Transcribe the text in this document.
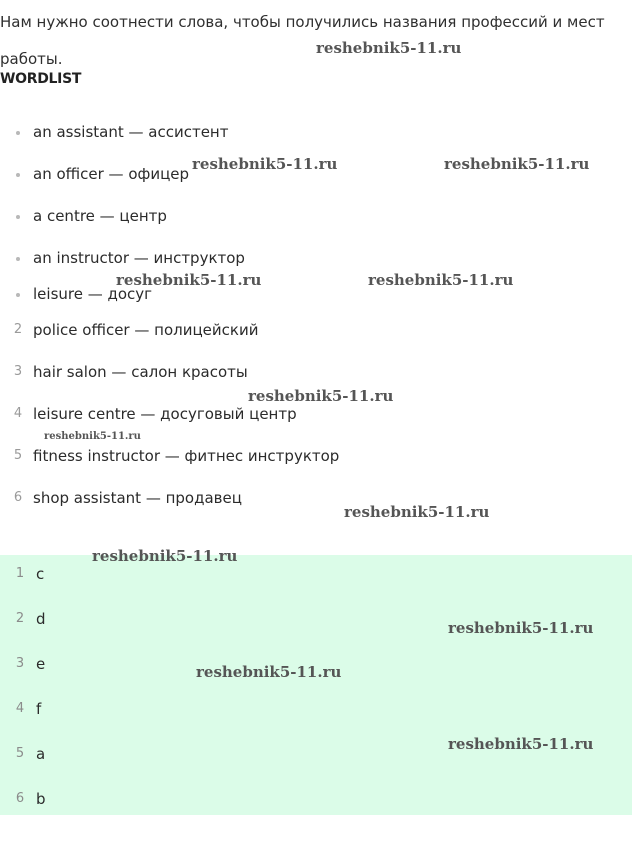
Нам нужно соотнести слова, чтобы получились названия профессий и мест работы.
WORDLIST
an assistant — ассистент
an officer — офицер
a centre — центр
an instructor — инструктор
leisure — досуг
2 police officer — полицейский
3 hair salon — салон красоты
4 leisure centre — досуговый центр
5 fitness instructor — фитнес инструктор
6 shop assistant — продавец
1 c
2 d
3 e
4 f
5 a
6 b
reshebnik5-11.ru
reshebnik5-11.ru	reshebnik5-11.ru
reshebnik5-11.ru	reshebnik5-11.ru
reshebnik5-11.ru
reshebnik5-11.ru
reshebnik5-11.ru
reshebnik5-11.ru
reshebnik5-11.ru
reshebnik5-11.ru
reshebnik5-11.ru
